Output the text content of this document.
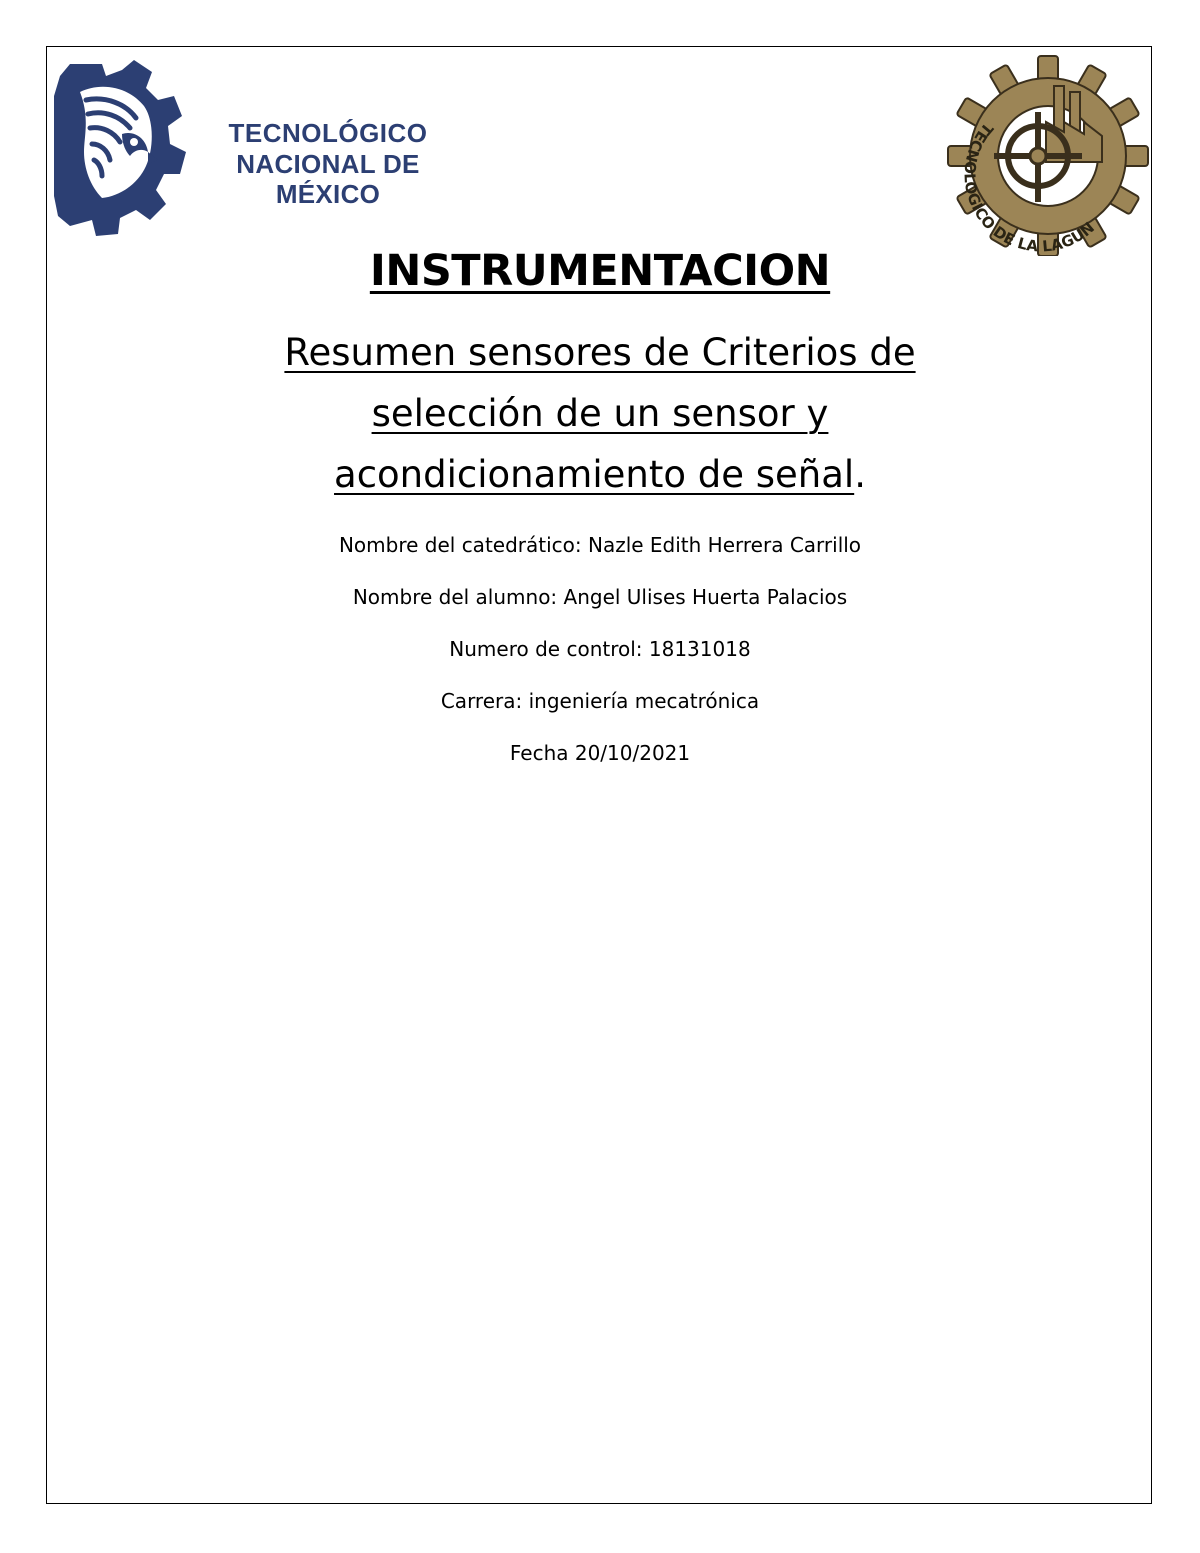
TECNOLÓGICO
NACIONAL DE MÉXICO
TECNOLOGICO DE LA LAGUN
INSTRUMENTACION
Resumen sensores de Criterios de
selección de un sensor y
acondicionamiento de señal.

Nombre del catedrático: Nazle Edith Herrera Carrillo

Nombre del alumno: Angel Ulises Huerta Palacios

Numero de control: 18131018

Carrera: ingeniería mecatrónica

Fecha 20/10/2021
